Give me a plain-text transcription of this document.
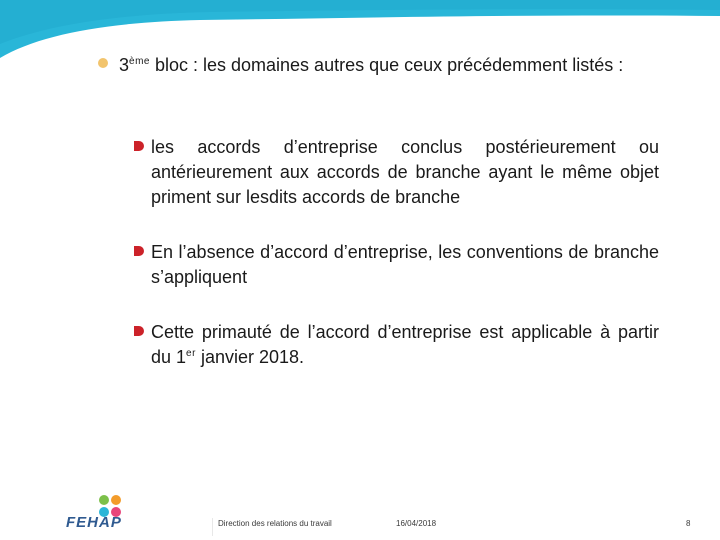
3ème bloc : les domaines autres que ceux précédemment listés :
les accords d’entreprise conclus postérieurement ou antérieurement aux accords de branche ayant le même objet priment sur lesdits accords de branche
En l’absence d’accord d’entreprise, les conventions de branche s’appliquent
Cette primauté de l’accord d’entreprise est applicable à partir du 1er janvier 2018.
FEHAP	Direction des relations du travail	16/04/2018	8
